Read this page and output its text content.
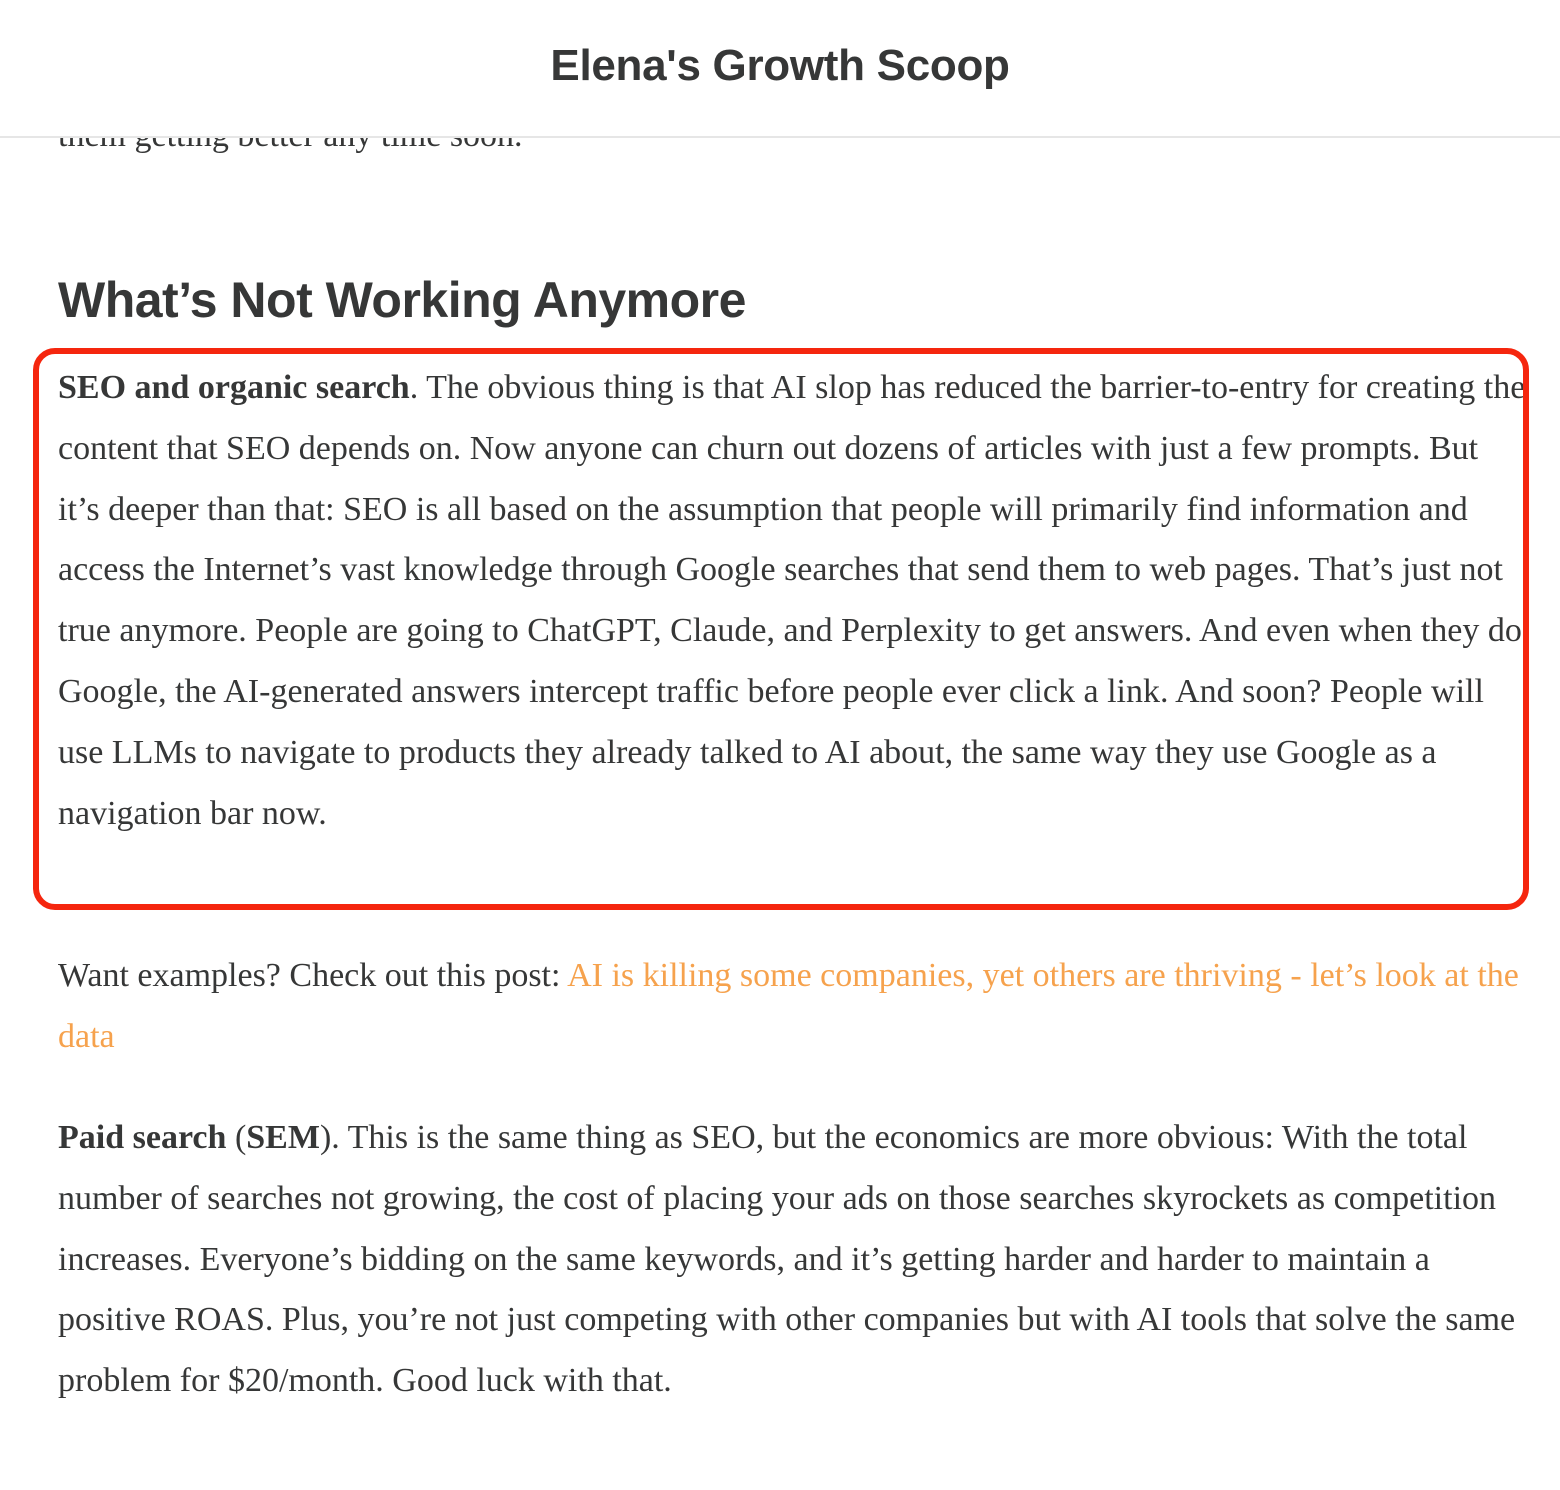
What’s Not Working Anymore

SEO and organic search. The obvious thing is that AI slop has reduced the barrier-to-entry for creating the content that SEO depends on. Now anyone can churn out dozens of articles with just a few prompts. But it’s deeper than that: SEO is all based on the assumption that people will primarily find information and access the Internet’s vast knowledge through Google searches that send them to web pages. That’s just not true anymore. People are going to ChatGPT, Claude, and Perplexity to get answers. And even when they do Google, the AI-generated answers intercept traffic before people ever click a link. And soon? People will use LLMs to navigate to products they already talked to AI about, the same way they use Google as a navigation bar now.

Want examples? Check out this post: AI is killing some companies, yet others are thriving - let’s look at the data

Paid search (SEM). This is the same thing as SEO, but the economics are more obvious: With the total number of searches not growing, the cost of placing your ads on those searches skyrockets as competition increases. Everyone’s bidding on the same keywords, and it’s getting harder and harder to maintain a positive ROAS. Plus, you’re not just competing with other companies but with AI tools that solve the same problem for $20/month. Good luck with that.

Elena's Growth Scoop
